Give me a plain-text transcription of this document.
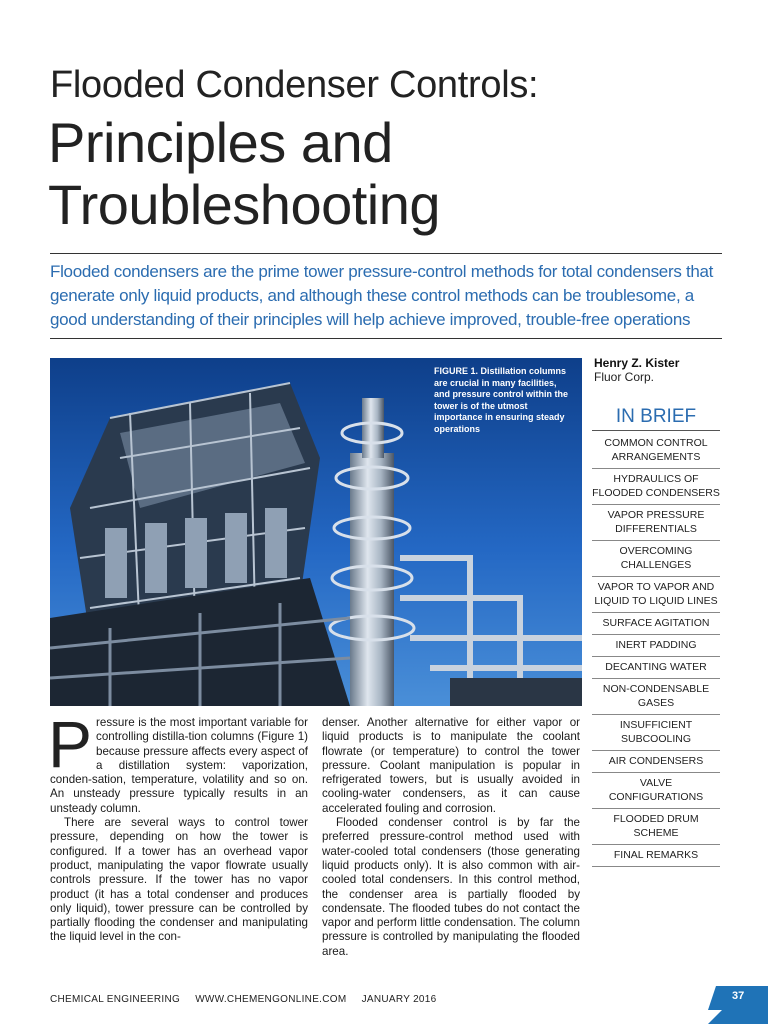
Flooded Condenser Controls:
Principles and Troubleshooting

Flooded condensers are the prime tower pressure-control methods for total condensers that generate only liquid products, and although these control methods can be troublesome, a good understanding of their principles will help achieve improved, trouble-free operations

FIGURE 1. Distillation columns are crucial in many facilities, and pressure control within the tower is of the utmost importance in ensuring steady operations

Henry Z. Kister

Fluor Corp.

IN BRIEF

COMMON CONTROL ARRANGEMENTS
HYDRAULICS OF FLOODED CONDENSERS
VAPOR PRESSURE DIFFERENTIALS
OVERCOMING CHALLENGES
VAPOR TO VAPOR AND LIQUID TO LIQUID LINES
SURFACE AGITATION
INERT PADDING
DECANTING WATER
NON-CONDENSABLE GASES
INSUFFICIENT SUBCOOLING
AIR CONDENSERS
VALVE CONFIGURATIONS
FLOODED DRUM SCHEME
FINAL REMARKS

Pressure is the most important variable for controlling distilla-tion columns (Figure 1) because pressure affects every aspect of a distillation system: vaporization, conden-sation, temperature, volatility and so on. An unsteady pressure typically results in an unsteady column.

There are several ways to control tower pressure, depending on how the tower is configured. If a tower has an overhead vapor product, manipulating the vapor flowrate usually controls pressure. If the tower has no vapor product (it has a total condenser and produces only liquid), tower pressure can be controlled by partially flooding the condenser and manipulating the liquid level in the con-

denser. Another alternative for either vapor or liquid products is to manipulate the coolant flowrate (or temperature) to control the tower pressure. Coolant manipulation is popular in refrigerated towers, but is usually avoided in cooling-water condensers, as it can cause accelerated fouling and corrosion.

Flooded condenser control is by far the preferred pressure-control method used with water-cooled total condensers (those generating liquid products only). It is also common with air-cooled total condensers. In this control method, the condenser area is partially flooded by condensate. The flooded tubes do not contact the vapor and perform little condensation. The column pressure is controlled by manipulating the flooded area.

CHEMICAL ENGINEERING WWW.CHEMENGONLINE.COM JANUARY 2016	37
